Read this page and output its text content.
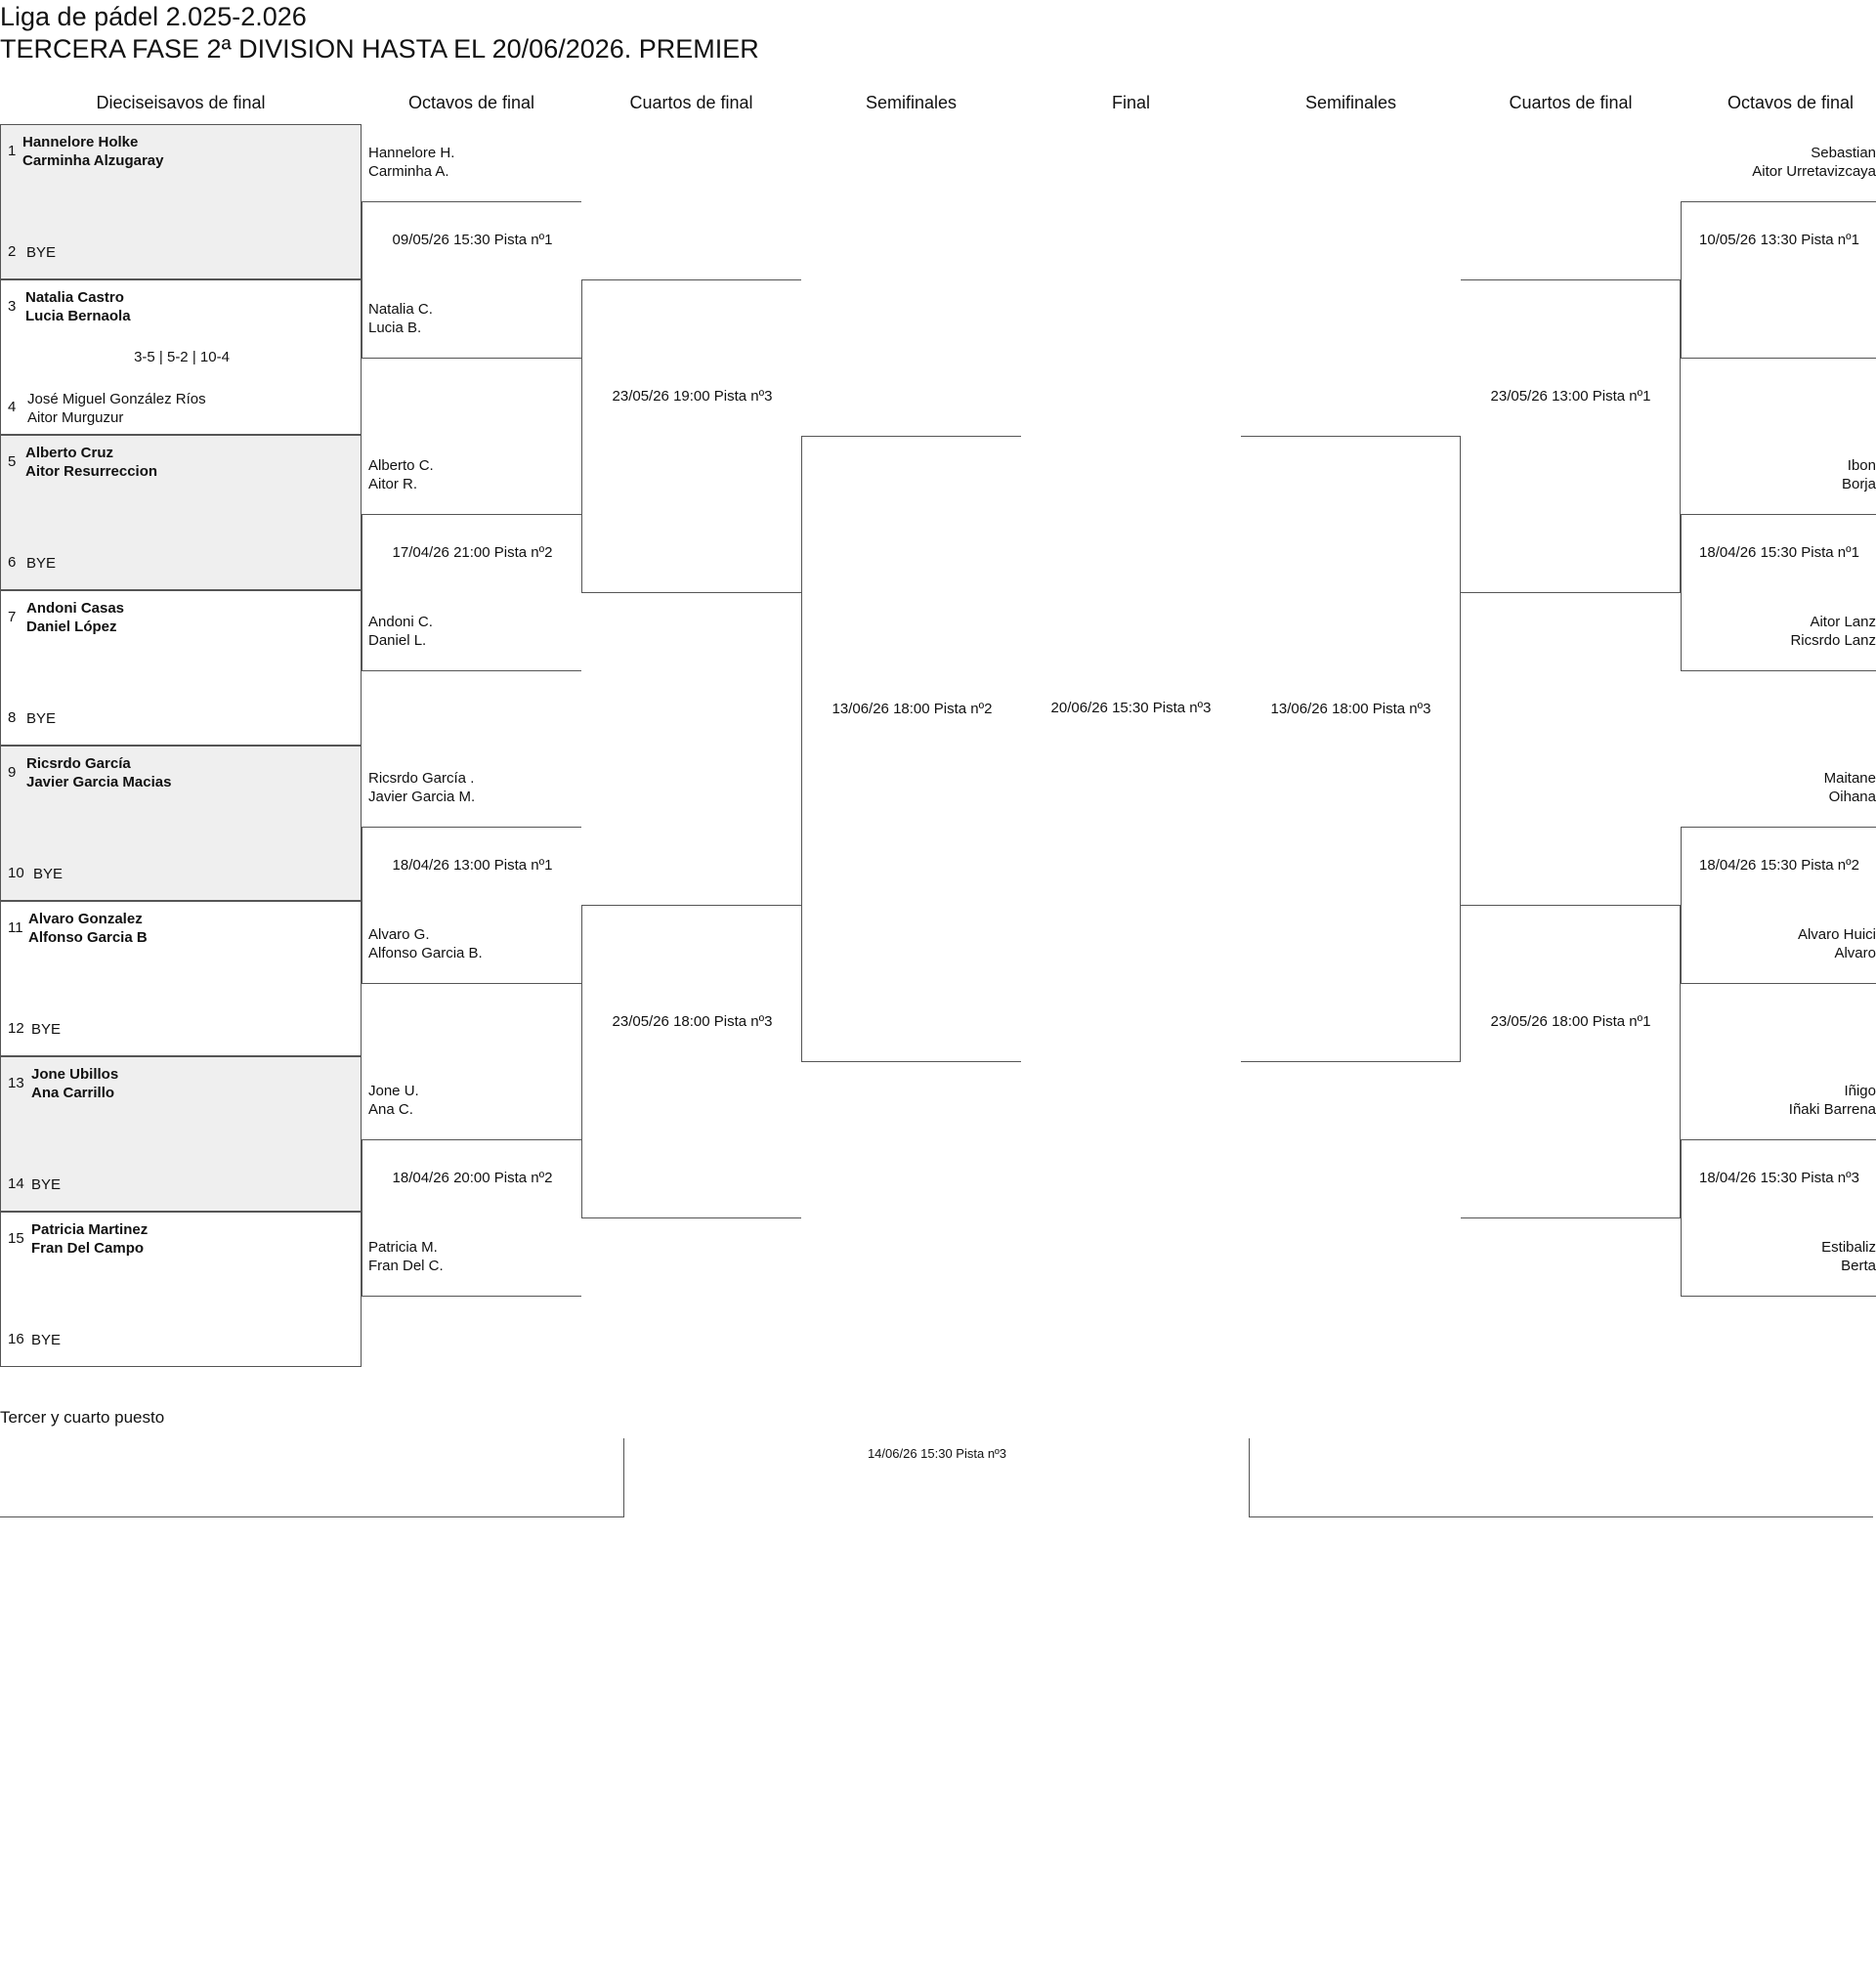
Liga de pádel 2.025-2.026
TERCERA FASE 2ª DIVISION HASTA EL 20/06/2026. PREMIER
Dieciseisavos de final	Octavos de final	Cuartos de final	Semifinales	Final	Semifinales	Cuartos de final	Octavos de final
1
Hannelore Holke
Carminha Alzugaray
2 BYE
3
Natalia Castro
Lucia Bernaola
3-5 | 5-2 | 10-4
4 José Miguel González Ríos
Aitor Murguzur
5
Alberto Cruz
Aitor Resurreccion
6 BYE
7
Andoni Casas
Daniel López
8 BYE
9
Ricsrdo García
Javier Garcia Macias
10 BYE
11
Alvaro Gonzalez
Alfonso Garcia B
12 BYE
13
Jone Ubillos
Ana Carrillo
14 BYE
15
Patricia Martinez
Fran Del Campo
16 BYE
Hannelore H.
Carminha A.
09/05/26 15:30 Pista nº1
Natalia C.
Lucia B.
Alberto C.
Aitor R.
17/04/26 21:00 Pista nº2
Andoni C.
Daniel L.
Ricsrdo García .
Javier Garcia M.
18/04/26 13:00 Pista nº1
Alvaro G.
Alfonso Garcia B.
Jone U.
Ana C.
18/04/26 20:00 Pista nº2
Patricia M.
Fran Del C.
23/05/26 19:00 Pista nº3
23/05/26 18:00 Pista nº3
13/06/26 18:00 Pista nº2	20/06/26 15:30 Pista nº3	13/06/26 18:00 Pista nº3
23/05/26 13:00 Pista nº1
23/05/26 18:00 Pista nº1
Sebastian
Aitor Urretavizcaya
10/05/26 13:30 Pista nº1
Ibon
Borja
18/04/26 15:30 Pista nº1
Aitor Lanz
Ricsrdo Lanz
Maitane
Oihana
18/04/26 15:30 Pista nº2
Alvaro Huici
Alvaro
Iñigo
Iñaki Barrena
18/04/26 15:30 Pista nº3
Estibaliz
Berta
Tercer y cuarto puesto
14/06/26 15:30 Pista nº3
